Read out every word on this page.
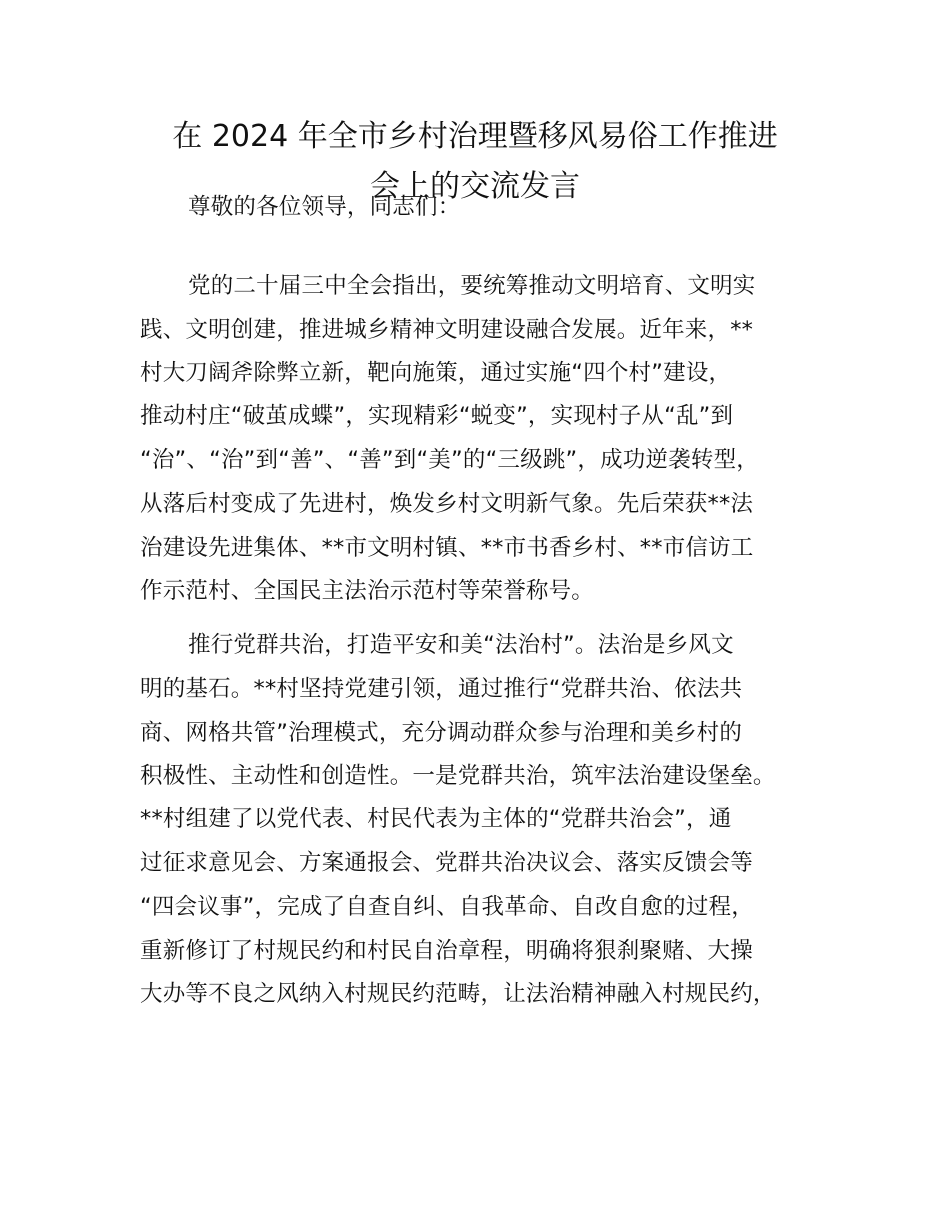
在 2024 年全市乡村治理暨移风易俗工作推进
会上的交流发言
尊敬的各位领导，同志们：
党的二十届三中全会指出，要统筹推动文明培育、文明实
践、文明创建，推进城乡精神文明建设融合发展。近年来，**
村大刀阔斧除弊立新，靶向施策，通过实施“四个村”建设，
推动村庄“破茧成蝶”，实现精彩“蜕变”，实现村子从“乱”到
“治”、“治”到“善”、“善”到“美”的“三级跳”，成功逆袭转型，
从落后村变成了先进村，焕发乡村文明新气象。先后荣获**法
治建设先进集体、**市文明村镇、**市书香乡村、**市信访工
作示范村、全国民主法治示范村等荣誉称号。
推行党群共治，打造平安和美“法治村”。法治是乡风文
明的基石。**村坚持党建引领，通过推行“党群共治、依法共
商、网格共管”治理模式，充分调动群众参与治理和美乡村的
积极性、主动性和创造性。一是党群共治，筑牢法治建设堡垒。
**村组建了以党代表、村民代表为主体的“党群共治会”，通
过征求意见会、方案通报会、党群共治决议会、落实反馈会等
“四会议事”，完成了自查自纠、自我革命、自改自愈的过程，
重新修订了村规民约和村民自治章程，明确将狠刹聚赌、大操
大办等不良之风纳入村规民约范畴，让法治精神融入村规民约，
